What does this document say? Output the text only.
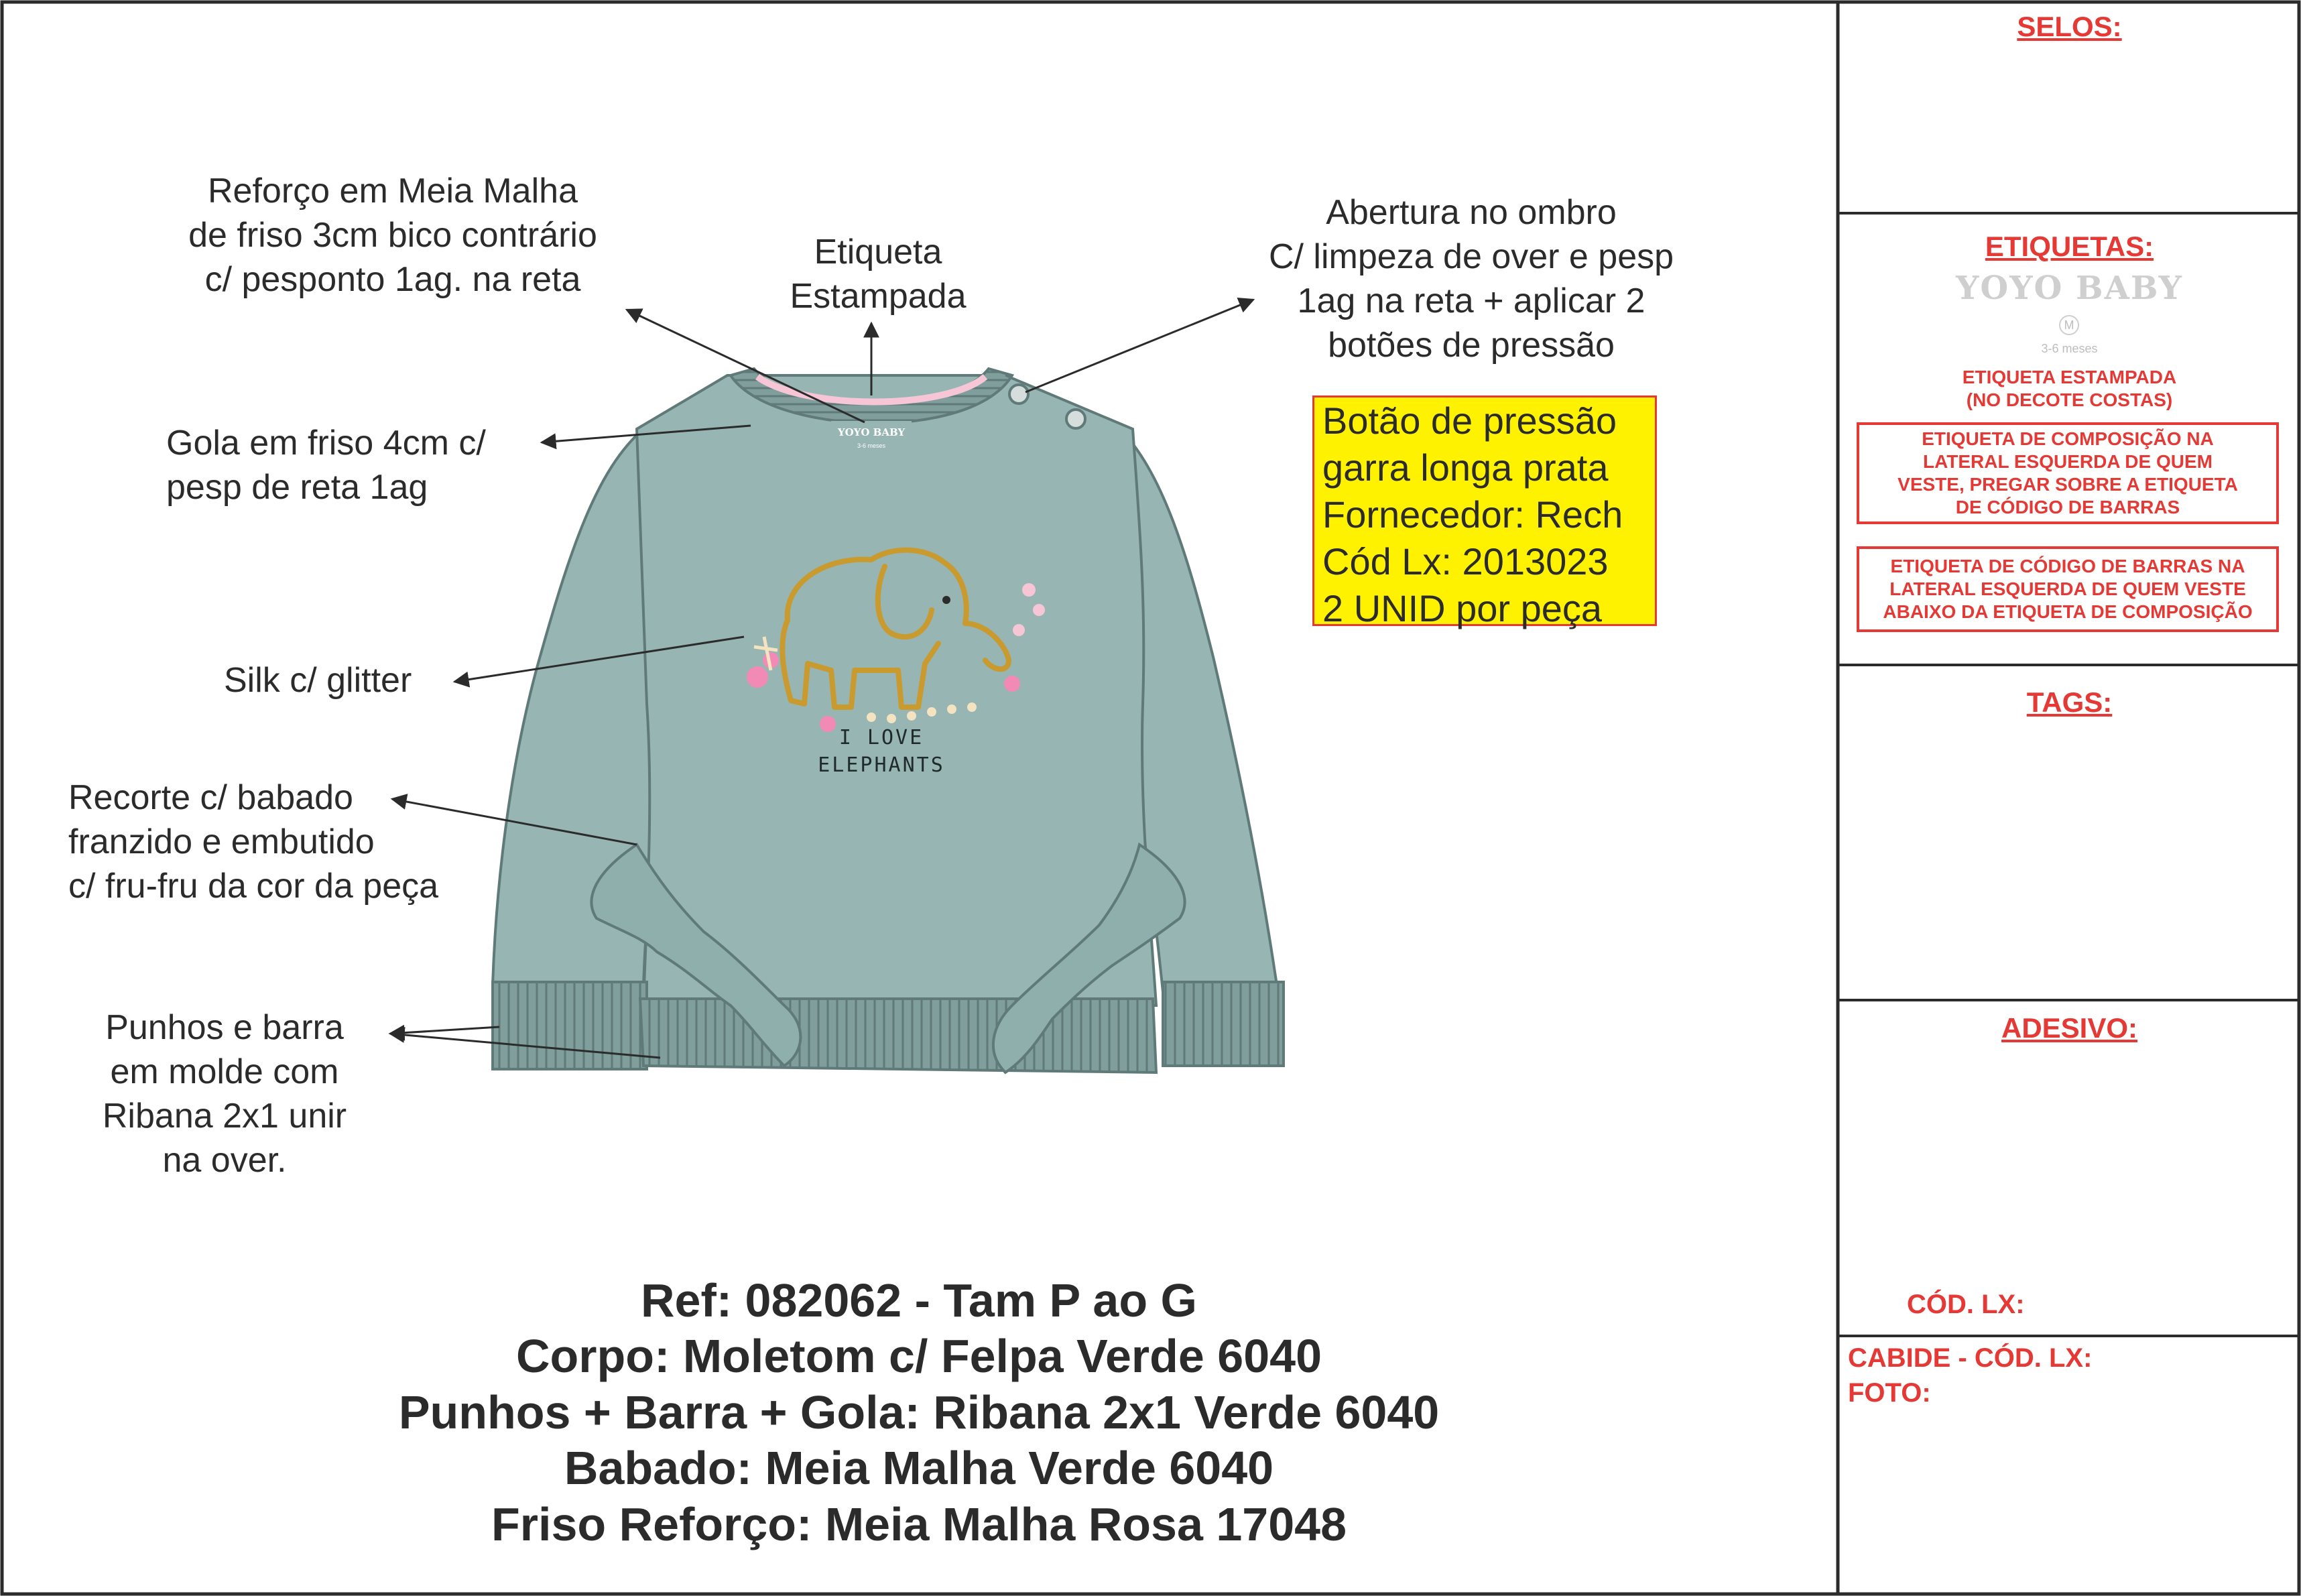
YOYO BABY
3-6 meses
I LOVE
ELEPHANTS
Reforço em Meia Malha
de friso 3cm bico contrário
c/ pesponto 1ag. na reta
Etiqueta
Estampada
Abertura no ombro
C/ limpeza de over e pesp
1ag na reta + aplicar 2
botões de pressão
Gola em friso 4cm c/
pesp de reta 1ag
Silk c/ glitter
Recorte c/ babado
franzido e embutido
c/ fru-fru da cor da peça
Punhos e barra
em molde com
Ribana 2x1 unir
na over.
Botão de pressão
garra longa prata
Fornecedor: Rech
Cód Lx: 2013023
2 UNID por peça
Ref: 082062 - Tam P ao G
Corpo: Moletom c/ Felpa Verde 6040
Punhos + Barra + Gola: Ribana 2x1 Verde 6040
Babado: Meia Malha Verde 6040
Friso Reforço: Meia Malha Rosa 17048
SELOS:
ETIQUETAS:
YOYO BABY
M
3-6 meses
ETIQUETA ESTAMPADA
(NO DECOTE COSTAS)
ETIQUETA DE COMPOSIÇÃO NA
LATERAL ESQUERDA DE QUEM
VESTE, PREGAR SOBRE A ETIQUETA
DE CÓDIGO DE BARRAS
ETIQUETA DE CÓDIGO DE BARRAS NA
LATERAL ESQUERDA DE QUEM VESTE
ABAIXO DA ETIQUETA DE COMPOSIÇÃO
TAGS:
ADESIVO:
CÓD. LX:
CABIDE - CÓD. LX:
FOTO:
